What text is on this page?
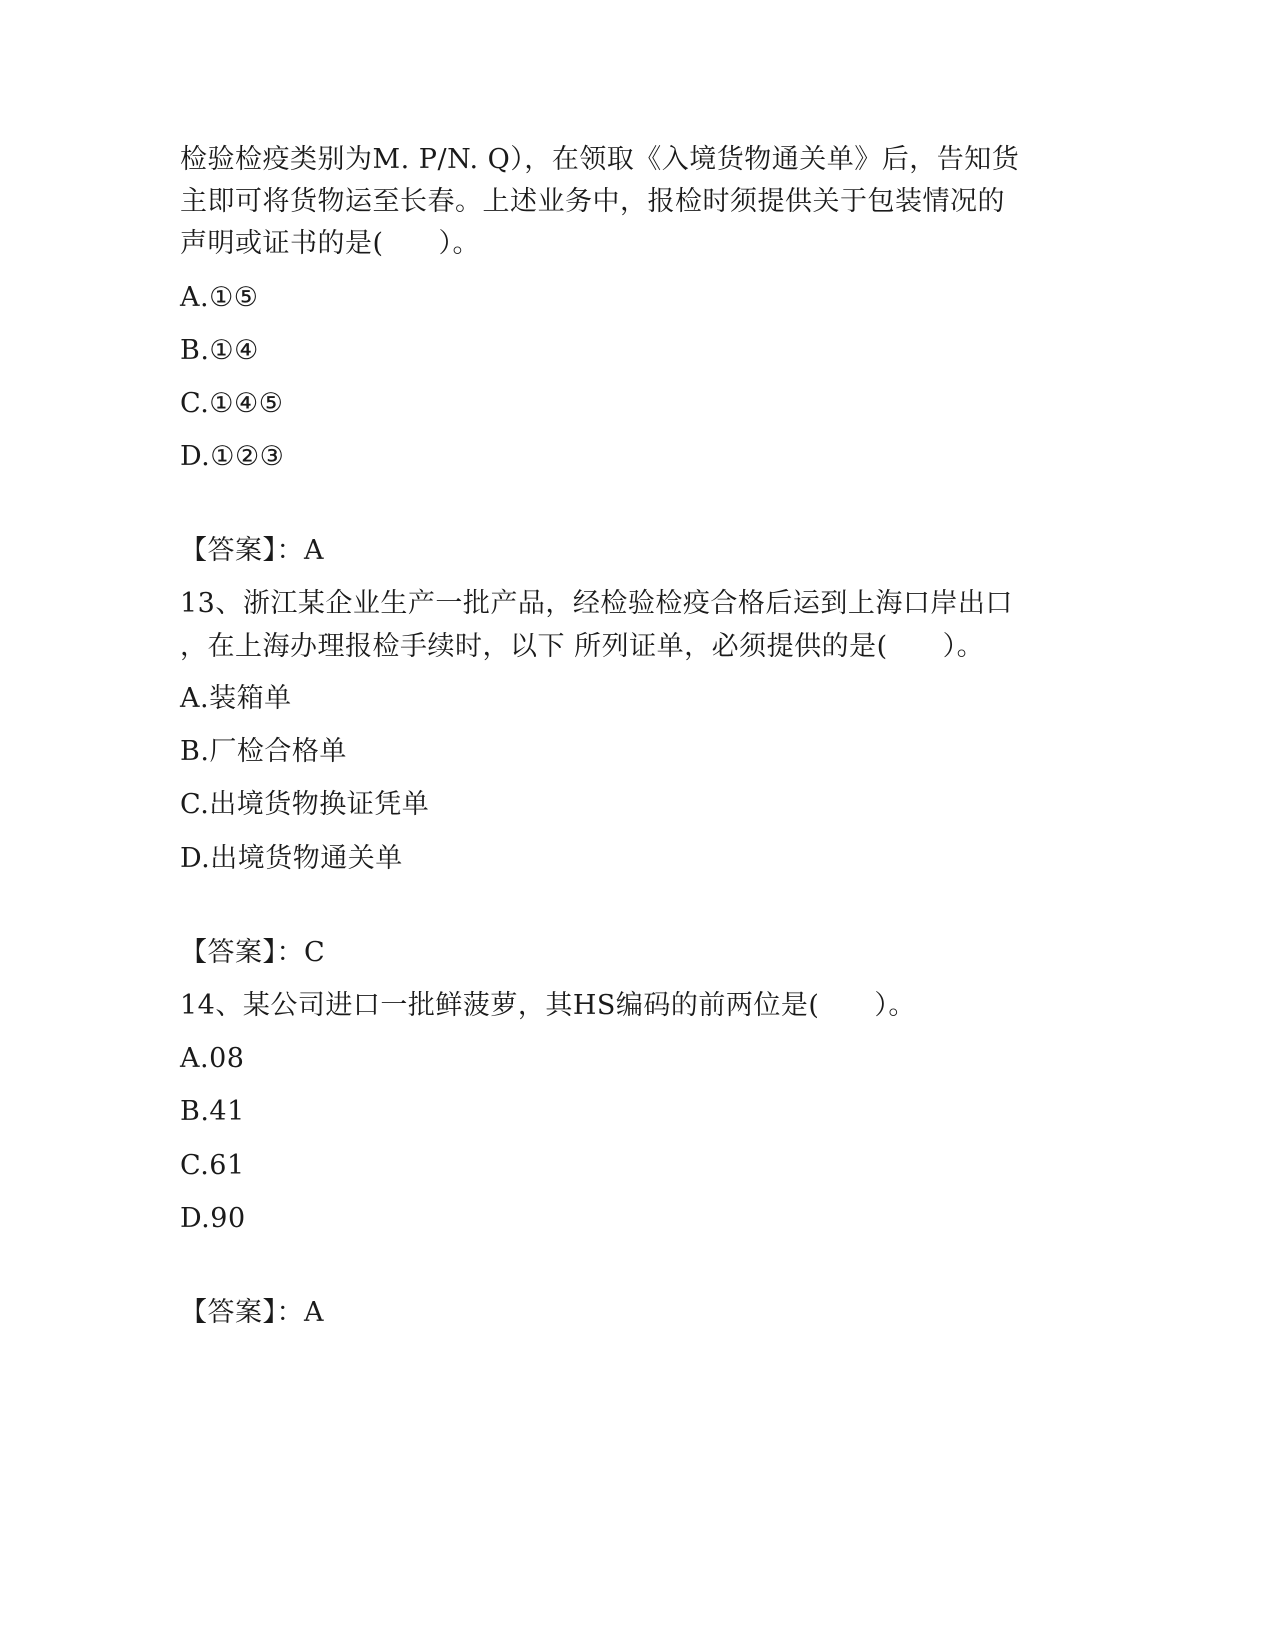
检验检疫类别为M. P/N. Q），在领取《入境货物通关单》后，告知货
主即可将货物运至长春。上述业务中，报检时须提供关于包装情况的
声明或证书的是(　　）。
A.①⑤
B.①④
C.①④⑤
D.①②③
【答案】：A
13、浙江某企业生产一批产品，经检验检疫合格后运到上海口岸出口
，在上海办理报检手续时，以下 所列证单，必须提供的是(　　）。
A.装箱单
B.厂检合格单
C.出境货物换证凭单
D.出境货物通关单
【答案】：C
14、某公司进口一批鲜菠萝，其HS编码的前两位是(　　）。
A.08
B.41
C.61
D.90
【答案】：A
